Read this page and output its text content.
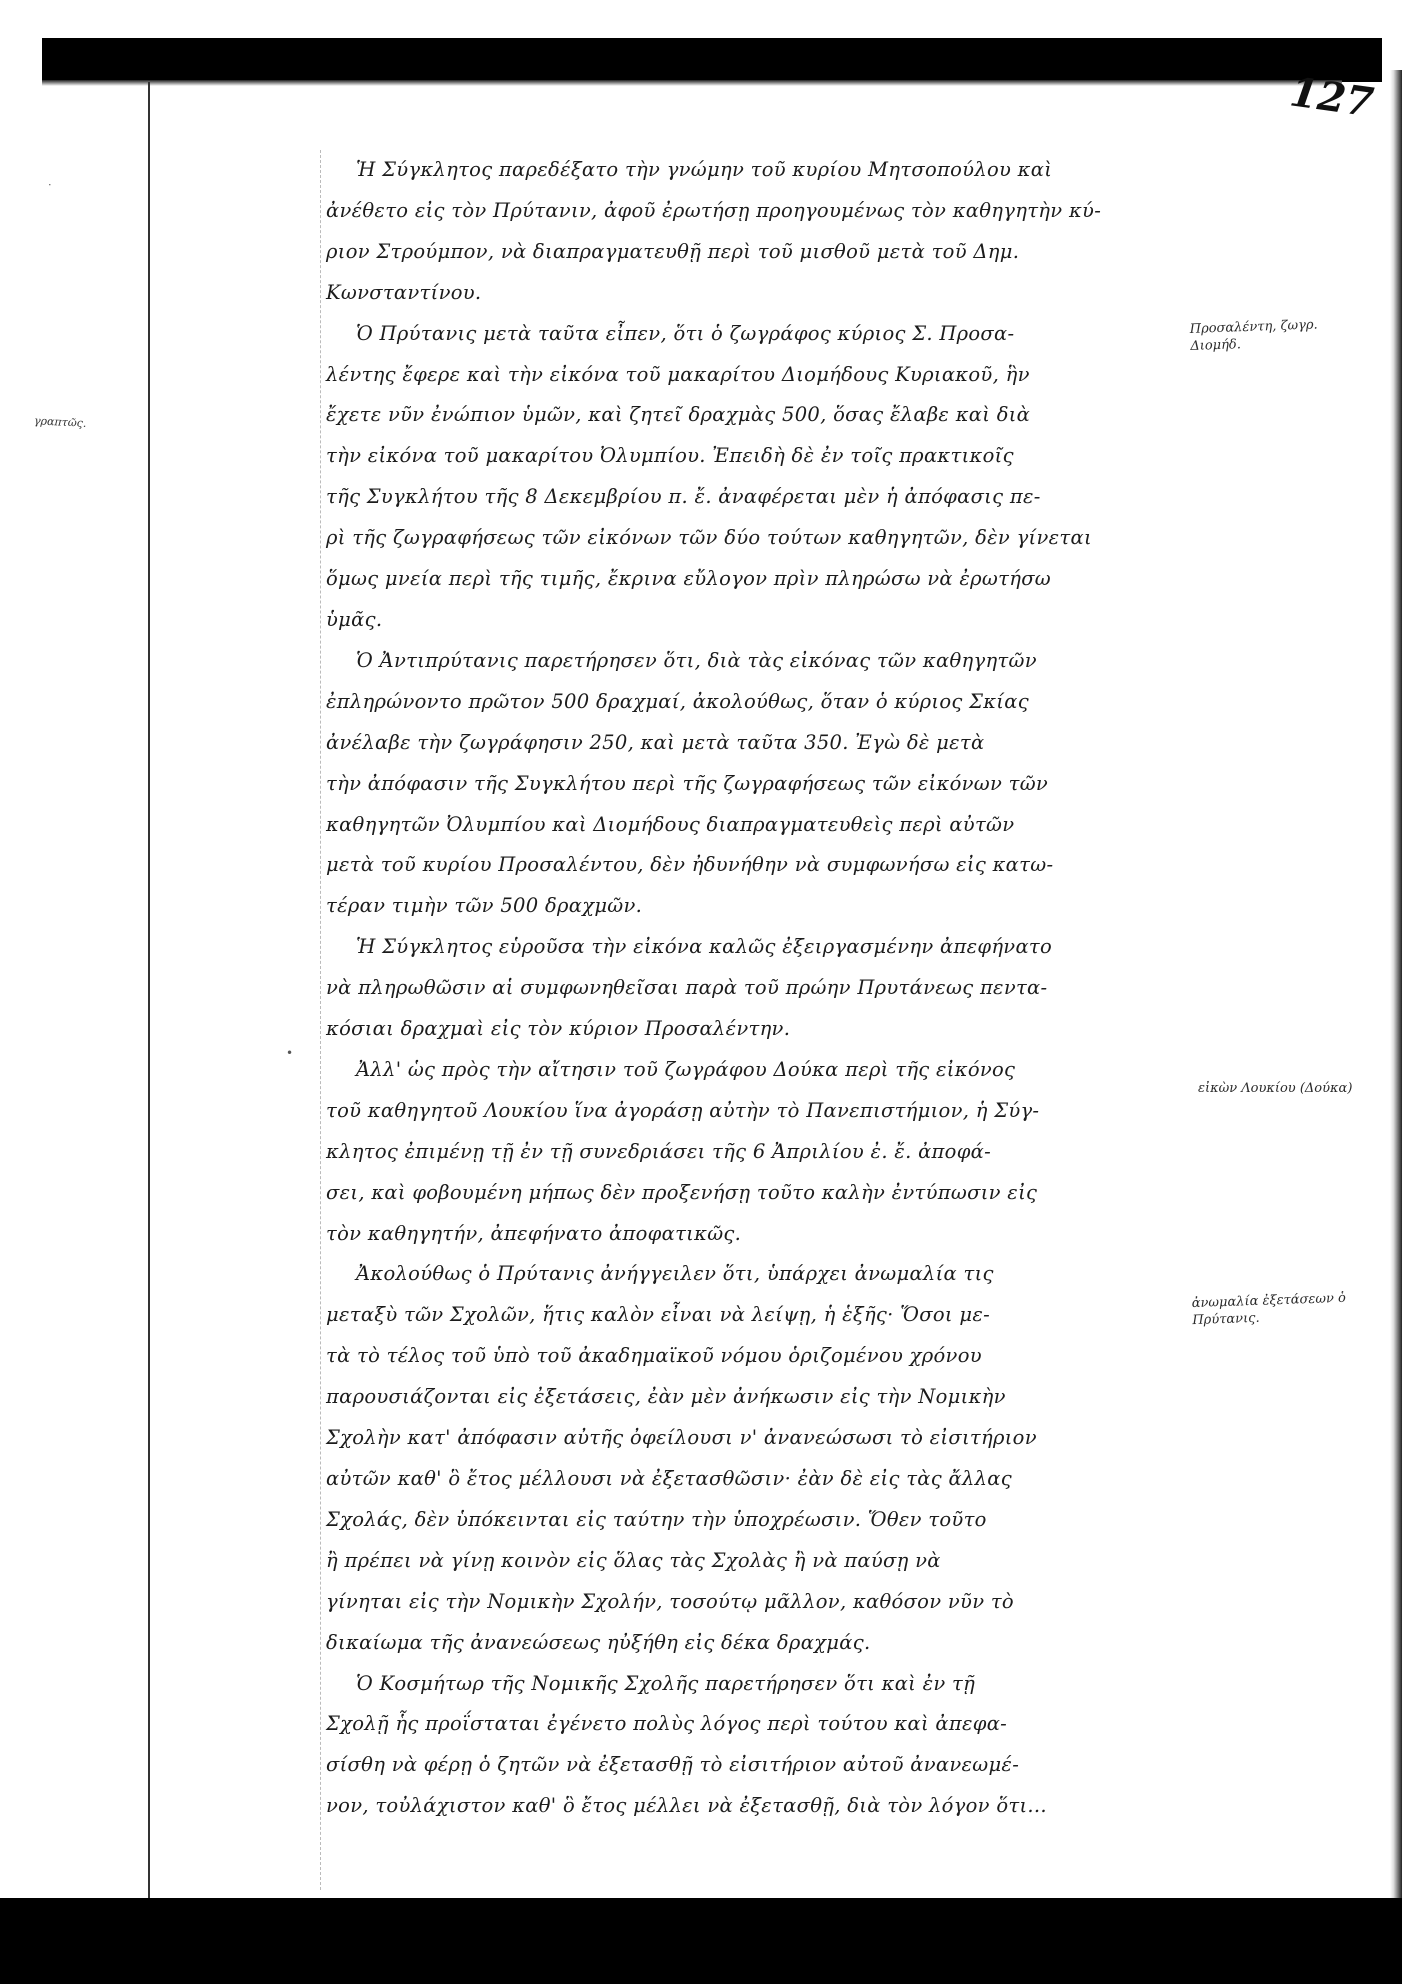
127
γραπτῶς.
ᐧ
•

Ἡ Σύγκλητος παρεδέξατο τὴν γνώμην τοῦ κυρίου Μητσοπούλου καὶ
ἀνέθετο εἰς τὸν Πρύτανιν, ἀφοῦ ἐρωτήσῃ προηγουμένως τὸν καθηγητὴν κύ-
ριον Στρούμπον, νὰ διαπραγματευθῇ περὶ τοῦ μισθοῦ μετὰ τοῦ Δημ.
Κωνσταντίνου.

Ὁ Πρύτανις μετὰ ταῦτα εἶπεν, ὅτι ὁ ζωγράφος κύριος Σ. Προσα-
λέντης ἔφερε καὶ τὴν εἰκόνα τοῦ μακαρίτου Διομήδους Κυριακοῦ, ἣν
ἔχετε νῦν ἐνώπιον ὑμῶν, καὶ ζητεῖ δραχμὰς 500, ὅσας ἔλαβε καὶ διὰ
τὴν εἰκόνα τοῦ μακαρίτου Ὀλυμπίου. Ἐπειδὴ δὲ ἐν τοῖς πρακτικοῖς
τῆς Συγκλήτου τῆς 8 Δεκεμβρίου π. ἔ. ἀναφέρεται μὲν ἡ ἀπόφασις πε-
ρὶ τῆς ζωγραφήσεως τῶν εἰκόνων τῶν δύο τούτων καθηγητῶν, δὲν γίνεται
ὅμως μνεία περὶ τῆς τιμῆς, ἔκρινα εὔλογον πρὶν πληρώσω νὰ ἐρωτήσω
ὑμᾶς.

Ὁ Ἀντιπρύτανις παρετήρησεν ὅτι, διὰ τὰς εἰκόνας τῶν καθηγητῶν
ἐπληρώνοντο πρῶτον 500 δραχμαί, ἀκολούθως, ὅταν ὁ κύριος Σκίας
ἀνέλαβε τὴν ζωγράφησιν 250, καὶ μετὰ ταῦτα 350. Ἐγὼ δὲ μετὰ
τὴν ἀπόφασιν τῆς Συγκλήτου περὶ τῆς ζωγραφήσεως τῶν εἰκόνων τῶν
καθηγητῶν Ὀλυμπίου καὶ Διομήδους διαπραγματευθεὶς περὶ αὐτῶν
μετὰ τοῦ κυρίου Προσαλέντου, δὲν ἠδυνήθην νὰ συμφωνήσω εἰς κατω-
τέραν τιμὴν τῶν 500 δραχμῶν.

Ἡ Σύγκλητος εὑροῦσα τὴν εἰκόνα καλῶς ἐξειργασμένην ἀπεφήνατο
νὰ πληρωθῶσιν αἱ συμφωνηθεῖσαι παρὰ τοῦ πρώην Πρυτάνεως πεντα-
κόσιαι δραχμαὶ εἰς τὸν κύριον Προσαλέντην.

Ἀλλ' ὡς πρὸς τὴν αἴτησιν τοῦ ζωγράφου Δούκα περὶ τῆς εἰκόνος
τοῦ καθηγητοῦ Λουκίου ἵνα ἀγοράσῃ αὐτὴν τὸ Πανεπιστήμιον, ἡ Σύγ-
κλητος ἐπιμένῃ τῇ ἐν τῇ συνεδριάσει τῆς 6 Ἀπριλίου ἐ. ἔ. ἀποφά-
σει, καὶ φοβουμένη μήπως δὲν προξενήσῃ τοῦτο καλὴν ἐντύπωσιν εἰς
τὸν καθηγητήν, ἀπεφήνατο ἀποφατικῶς.

Ἀκολούθως ὁ Πρύτανις ἀνήγγειλεν ὅτι, ὑπάρχει ἀνωμαλία τις
μεταξὺ τῶν Σχολῶν, ἥτις καλὸν εἶναι νὰ λείψῃ, ἡ ἑξῆς· Ὅσοι με-
τὰ τὸ τέλος τοῦ ὑπὸ τοῦ ἀκαδημαϊκοῦ νόμου ὁριζομένου χρόνου
παρουσιάζονται εἰς ἐξετάσεις, ἐὰν μὲν ἀνήκωσιν εἰς τὴν Νομικὴν
Σχολὴν κατ' ἀπόφασιν αὐτῆς ὀφείλουσι ν' ἀνανεώσωσι τὸ εἰσιτήριον
αὐτῶν καθ' ὃ ἔτος μέλλουσι νὰ ἐξετασθῶσιν· ἐὰν δὲ εἰς τὰς ἄλλας
Σχολάς, δὲν ὑπόκεινται εἰς ταύτην τὴν ὑποχρέωσιν. Ὅθεν τοῦτο
ἢ πρέπει νὰ γίνῃ κοινὸν εἰς ὅλας τὰς Σχολὰς ἢ νὰ παύσῃ νὰ
γίνηται εἰς τὴν Νομικὴν Σχολήν, τοσούτῳ μᾶλλον, καθόσον νῦν τὸ
δικαίωμα τῆς ἀνανεώσεως ηὐξήθη εἰς δέκα δραχμάς.

Ὁ Κοσμήτωρ τῆς Νομικῆς Σχολῆς παρετήρησεν ὅτι καὶ ἐν τῇ
Σχολῇ ἧς προΐσταται ἐγένετο πολὺς λόγος περὶ τούτου καὶ ἀπεφα-
σίσθη νὰ φέρῃ ὁ ζητῶν νὰ ἐξετασθῇ τὸ εἰσιτήριον αὐτοῦ ἀνανεωμέ-
νον, τοὐλάχιστον καθ' ὃ ἔτος μέλλει νὰ ἐξετασθῇ, διὰ τὸν λόγον ὅτι...

Προσαλέντη, ζωγρ. Διομήδ.
εἰκὼν Λουκίου (Δούκα)
ἀνωμαλία ἐξετάσεων ὁ Πρύτανις.
